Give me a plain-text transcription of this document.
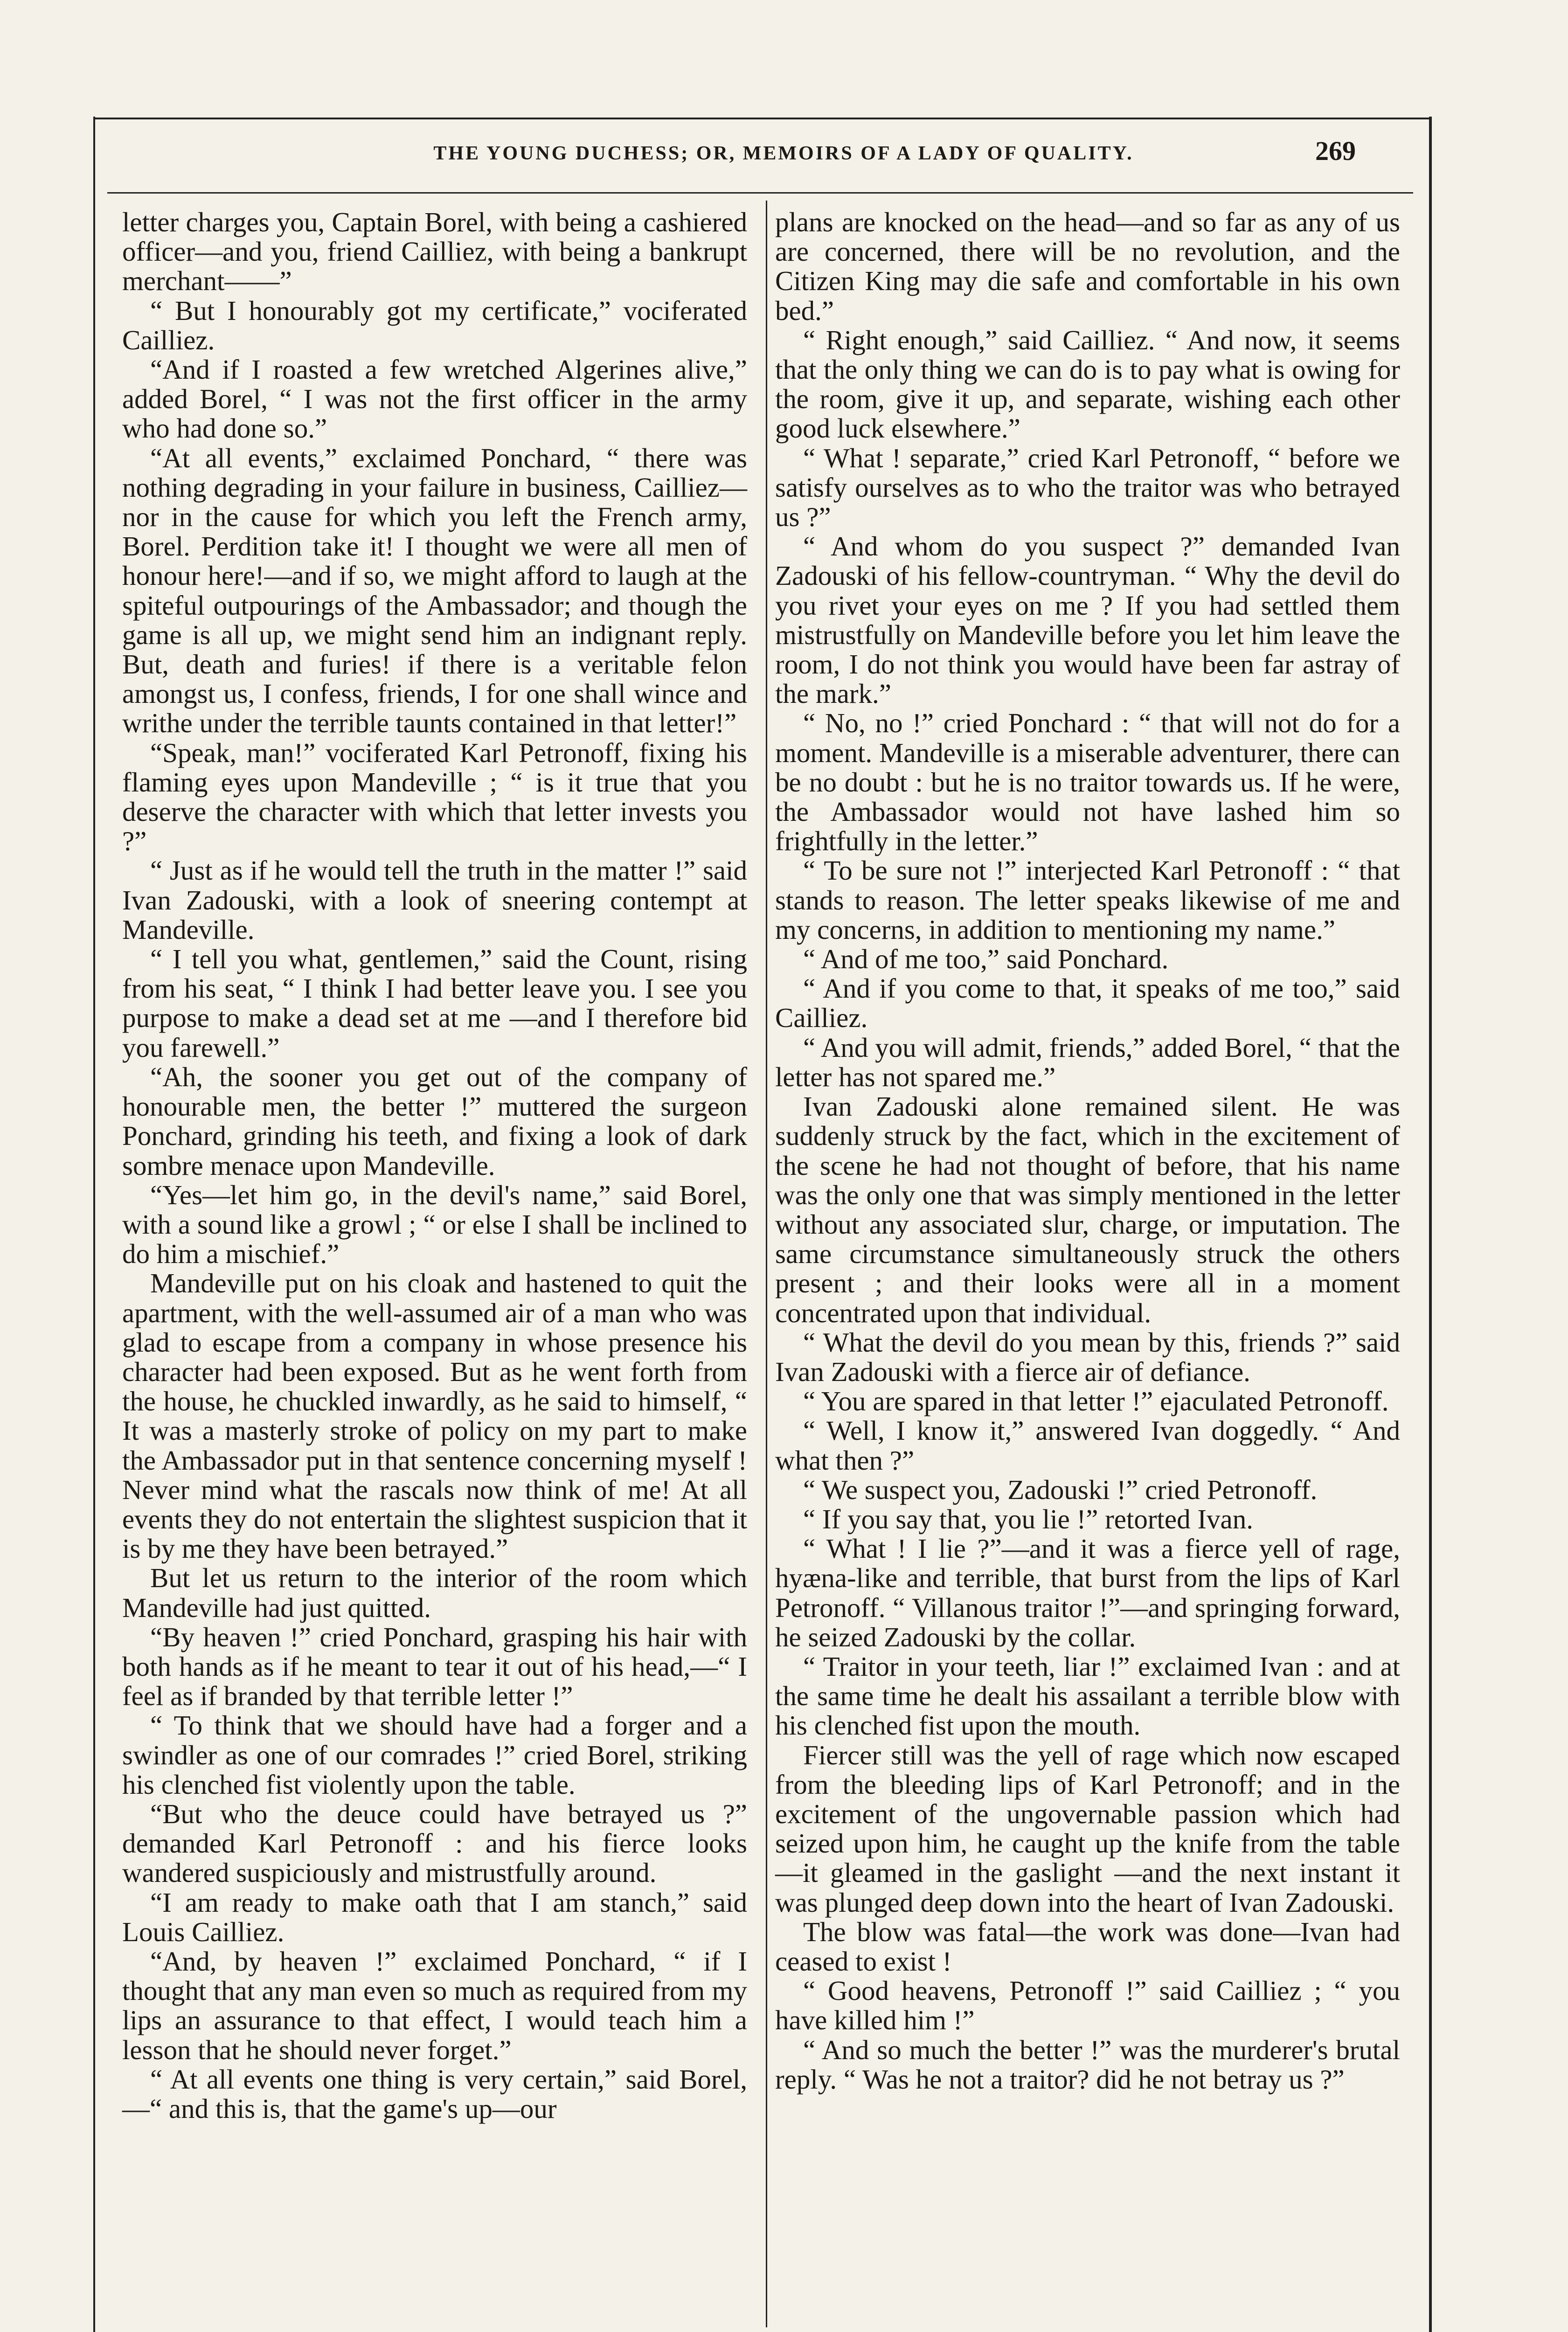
THE YOUNG DUCHESS; OR, MEMOIRS OF A LADY OF QUALITY.	269

letter charges you, Captain Borel, with being a cashiered officer—and you, friend Cailliez, with being a bankrupt merchant——”

“ But I honourably got my certificate,” vociferated Cailliez.

“And if I roasted a few wretched Algerines alive,” added Borel, “ I was not the first officer in the army who had done so.”

“At all events,” exclaimed Ponchard, “ there was nothing degrading in your failure in business, Cailliez—nor in the cause for which you left the French army, Borel. Perdition take it! I thought we were all men of honour here!—and if so, we might afford to laugh at the spiteful outpourings of the Ambassador; and though the game is all up, we might send him an indignant reply. But, death and furies! if there is a veritable felon amongst us, I confess, friends, I for one shall wince and writhe under the terrible taunts contained in that letter!”

“Speak, man!” vociferated Karl Petronoff, fixing his flaming eyes upon Mandeville ; “ is it true that you deserve the character with which that letter invests you ?”

“ Just as if he would tell the truth in the matter !” said Ivan Zadouski, with a look of sneering contempt at Mandeville.

“ I tell you what, gentlemen,” said the Count, rising from his seat, “ I think I had better leave you. I see you purpose to make a dead set at me —and I therefore bid you farewell.”

“Ah, the sooner you get out of the company of honourable men, the better !” muttered the surgeon Ponchard, grinding his teeth, and fixing a look of dark sombre menace upon Mandeville.

“Yes—let him go, in the devil's name,” said Borel, with a sound like a growl ; “ or else I shall be inclined to do him a mischief.”

Mandeville put on his cloak and hastened to quit the apartment, with the well-assumed air of a man who was glad to escape from a company in whose presence his character had been exposed. But as he went forth from the house, he chuckled inwardly, as he said to himself, “ It was a masterly stroke of policy on my part to make the Ambassador put in that sentence concerning myself ! Never mind what the rascals now think of me! At all events they do not entertain the slightest suspicion that it is by me they have been betrayed.”

But let us return to the interior of the room which Mandeville had just quitted.

“By heaven !” cried Ponchard, grasping his hair with both hands as if he meant to tear it out of his head,—“ I feel as if branded by that terrible letter !”

“ To think that we should have had a forger and a swindler as one of our comrades !” cried Borel, striking his clenched fist violently upon the table.

“But who the deuce could have betrayed us ?” demanded Karl Petronoff : and his fierce looks wandered suspiciously and mistrustfully around.

“I am ready to make oath that I am stanch,” said Louis Cailliez.

“And, by heaven !” exclaimed Ponchard, “ if I thought that any man even so much as required from my lips an assurance to that effect, I would teach him a lesson that he should never forget.”

“ At all events one thing is very certain,” said Borel,—“ and this is, that the game's up—our

plans are knocked on the head—and so far as any of us are concerned, there will be no revolution, and the Citizen King may die safe and comfortable in his own bed.”

“ Right enough,” said Cailliez. “ And now, it seems that the only thing we can do is to pay what is owing for the room, give it up, and separate, wishing each other good luck elsewhere.”

“ What ! separate,” cried Karl Petronoff, “ before we satisfy ourselves as to who the traitor was who betrayed us ?”

“ And whom do you suspect ?” demanded Ivan Zadouski of his fellow-countryman. “ Why the devil do you rivet your eyes on me ? If you had settled them mistrustfully on Mandeville before you let him leave the room, I do not think you would have been far astray of the mark.”

“ No, no !” cried Ponchard : “ that will not do for a moment. Mandeville is a miserable adventurer, there can be no doubt : but he is no traitor towards us. If he were, the Ambassador would not have lashed him so frightfully in the letter.”

“ To be sure not !” interjected Karl Petronoff : “ that stands to reason. The letter speaks likewise of me and my concerns, in addition to mentioning my name.”

“ And of me too,” said Ponchard.

“ And if you come to that, it speaks of me too,” said Cailliez.

“ And you will admit, friends,” added Borel, “ that the letter has not spared me.”

Ivan Zadouski alone remained silent. He was suddenly struck by the fact, which in the excitement of the scene he had not thought of before, that his name was the only one that was simply mentioned in the letter without any associated slur, charge, or imputation. The same circumstance simultaneously struck the others present ; and their looks were all in a moment concentrated upon that individual.

“ What the devil do you mean by this, friends ?” said Ivan Zadouski with a fierce air of defiance.

“ You are spared in that letter !” ejaculated Petronoff.

“ Well, I know it,” answered Ivan doggedly. “ And what then ?”

“ We suspect you, Zadouski !” cried Petronoff.

“ If you say that, you lie !” retorted Ivan.

“ What ! I lie ?”—and it was a fierce yell of rage, hyæna-like and terrible, that burst from the lips of Karl Petronoff. “ Villanous traitor !”—and springing forward, he seized Zadouski by the collar.

“ Traitor in your teeth, liar !” exclaimed Ivan : and at the same time he dealt his assailant a terrible blow with his clenched fist upon the mouth.

Fiercer still was the yell of rage which now escaped from the bleeding lips of Karl Petronoff; and in the excitement of the ungovernable passion which had seized upon him, he caught up the knife from the table—it gleamed in the gaslight —and the next instant it was plunged deep down into the heart of Ivan Zadouski.

The blow was fatal—the work was done—Ivan had ceased to exist !

“ Good heavens, Petronoff !” said Cailliez ; “ you have killed him !”

“ And so much the better !” was the murderer's brutal reply. “ Was he not a traitor? did he not betray us ?”
